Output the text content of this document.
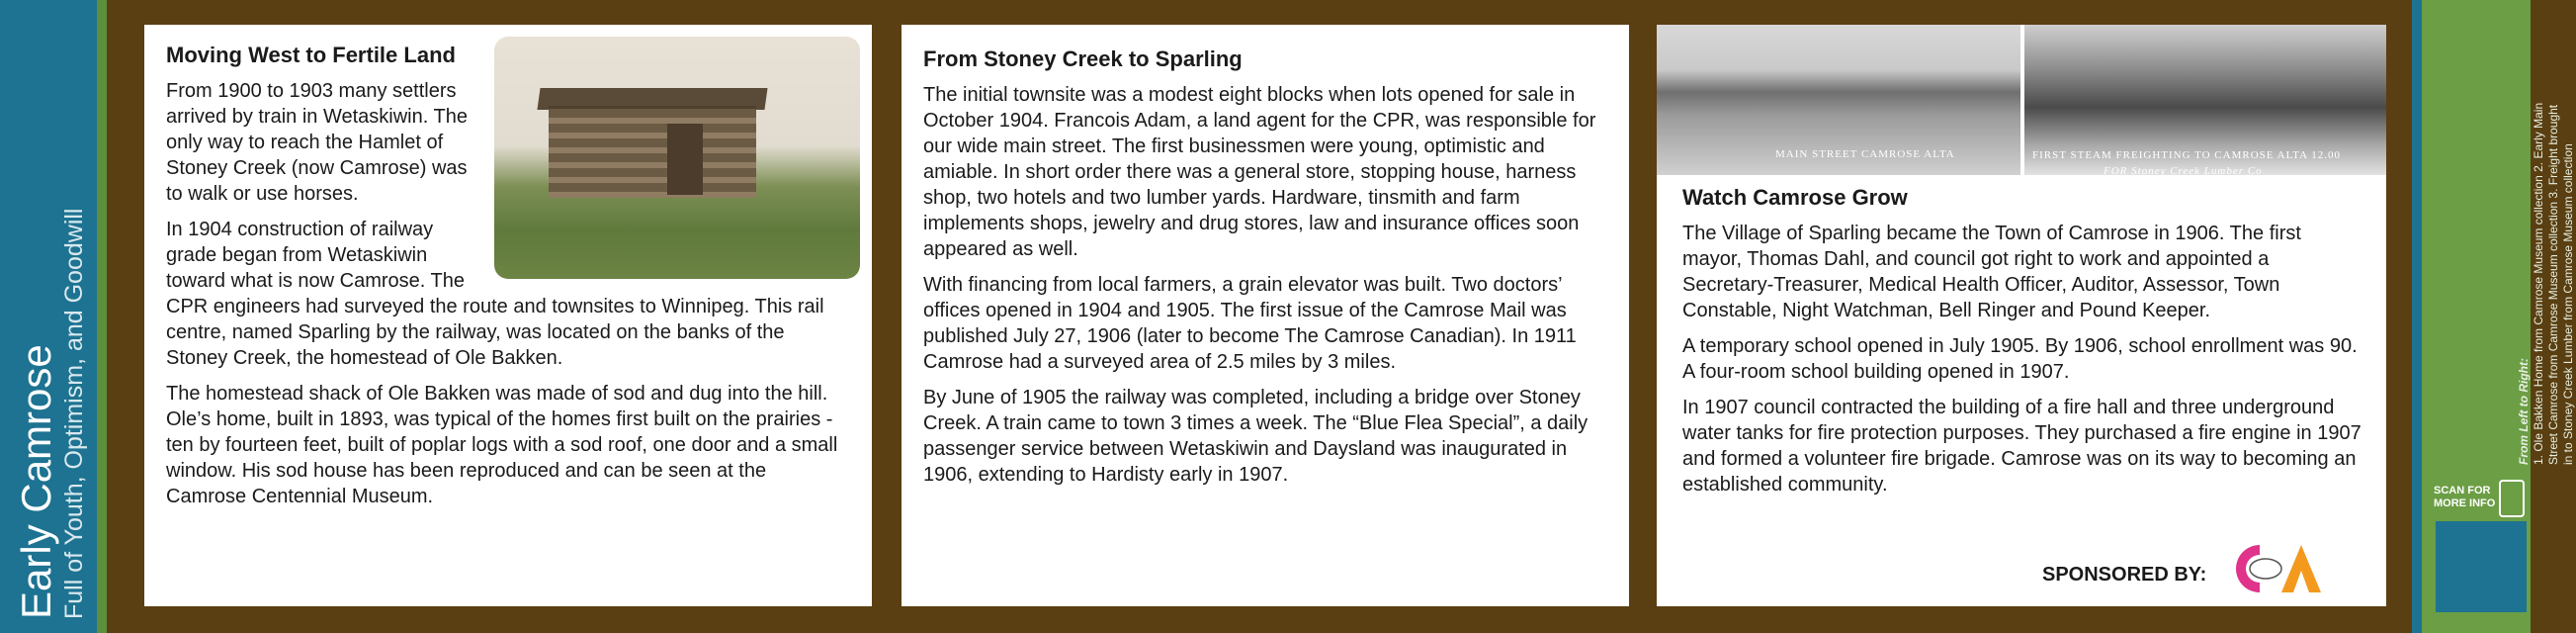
Early Camrose Full of Youth, Optimism, and Goodwill
Moving West to Fertile Land

From 1900 to 1903 many settlers arrived by train in Wetaskiwin. The only way to reach the Hamlet of Stoney Creek (now Camrose) was to walk or use horses.

In 1904 construction of railway grade began from Wetaskiwin toward what is now Camrose. The CPR engineers had surveyed the route and townsites to Winnipeg. This rail centre, named Sparling by the railway, was located on the banks of the Stoney Creek, the homestead of Ole Bakken.

The homestead shack of Ole Bakken was made of sod and dug into the hill. Ole’s home, built in 1893, was typical of the homes first built on the prairies - ten by fourteen feet, built of poplar logs with a sod roof, one door and a small window. His sod house has been reproduced and can be seen at the Camrose Centennial Museum.

From Stoney Creek to Sparling

The initial townsite was a modest eight blocks when lots opened for sale in October 1904. Francois Adam, a land agent for the CPR, was responsible for our wide main street. The first businessmen were young, optimistic and amiable. In short order there was a general store, stopping house, harness shop, two hotels and two lumber yards. Hardware, tinsmith and farm implements shops, jewelry and drug stores, law and insurance offices soon appeared as well.

With financing from local farmers, a grain elevator was built. Two doctors’ offices opened in 1904 and 1905. The first issue of the Camrose Mail was published July 27, 1906 (later to become The Camrose Canadian). In 1911 Camrose had a surveyed area of 2.5 miles by 3 miles.

By June of 1905 the railway was completed, including a bridge over Stoney Creek. A train came to town 3 times a week. The “Blue Flea Special”, a daily passenger service between Wetaskiwin and Daysland was inaugurated in 1906, extending to Hardisty early in 1907.

MAIN STREET CAMROSE ALTA	FIRST STEAM FREIGHTING TO CAMROSE ALTA 12.00
FOR Stoney Creek Lumber Co
Watch Camrose Grow

The Village of Sparling became the Town of Camrose in 1906. The first mayor, Thomas Dahl, and council got right to work and appointed a Secretary-Treasurer, Medical Health Officer, Auditor, Assessor, Town Constable, Night Watchman, Bell Ringer and Pound Keeper.

A temporary school opened in July 1905. By 1906, school enrollment was 90. A four-room school building opened in 1907.

In 1907 council contracted the building of a fire hall and three underground water tanks for fire protection purposes. They purchased a fire engine in 1907 and formed a volunteer fire brigade. Camrose was on its way to becoming an established community.

SPONSORED BY:
From Left to Right: 1. Ole Bakken Home from Camrose Museum collection 2. Early Main Street Camrose from Camrose Museum collection 3. Freight brought in to Stoney Creek Lumber from Camrose Museum collection
SCAN FOR
MORE INFO
